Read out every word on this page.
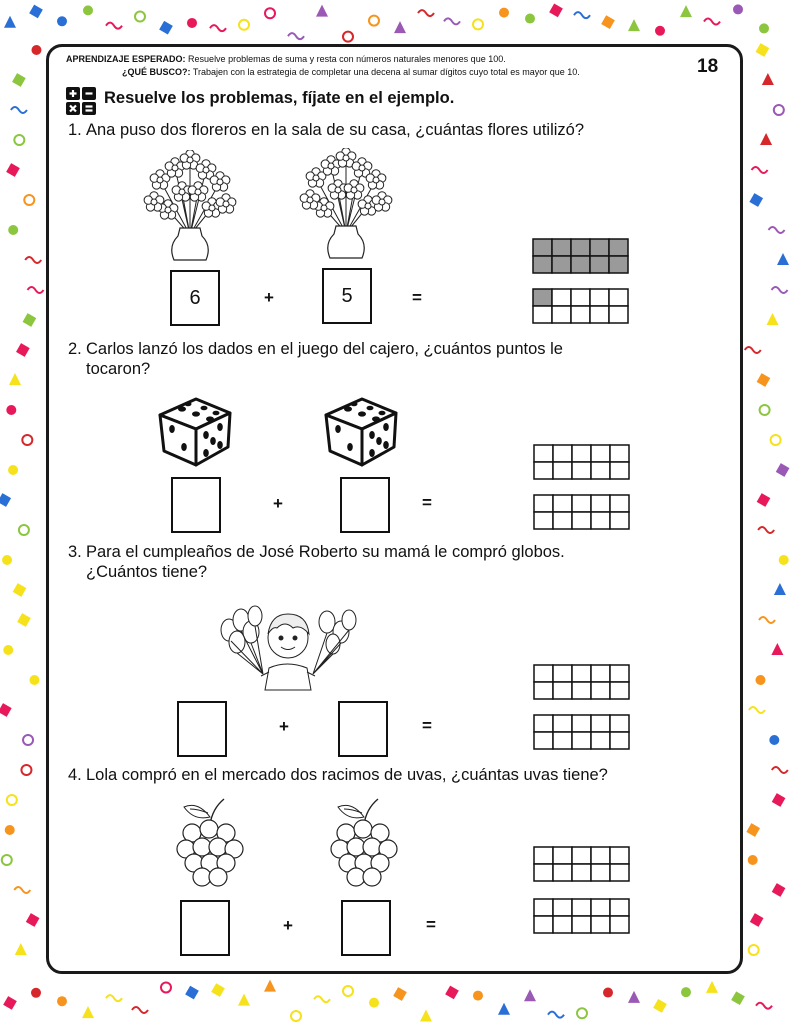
APRENDIZAJE ESPERADO: Resuelve problemas de suma y resta con números naturales menores que 100.
¿QUÉ BUSCO?: Trabajen con la estrategia de completar una decena al sumar dígitos cuyo total es mayor que 10.	18
Resuelve los problemas, fíjate en el ejemplo.
1. Ana puso dos floreros en la sala de su casa, ¿cuántas flores utilizó?
6	+	5	=
2. Carlos lanzó los dados en el juego del cajero, ¿cuántos puntos le
tocaron?
+	=
3. Para el cumpleaños de José Roberto su mamá le compró globos.
¿Cuántos tiene?
+	=
4. Lola compró en el mercado dos racimos de uvas, ¿cuántas uvas tiene?
+	=
